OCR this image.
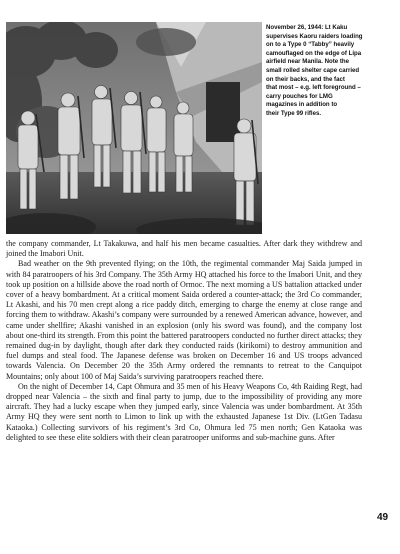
November 26, 1944: Lt Kaku
supervises Kaoru raiders loading
on to a Type 0 “Tabby” heavily
camouflaged on the edge of Lipa
airfield near Manila. Note the
small rolled shelter cape carried
on their backs, and the fact
that most – e.g. left foreground –
carry pouches for LMG
magazines in addition to
their Type 99 rifles.

the company commander, Lt Takakuwa, and half his men became casualties. After dark they withdrew and joined the Imabori Unit.

Bad weather on the 9th prevented flying; on the 10th, the regimental commander Maj Saida jumped in with 84 paratroopers of his 3rd Company. The 35th Army HQ attached his force to the Imabori Unit, and they took up position on a hillside above the road north of Ormoc. The next morning a US battalion attacked under cover of a heavy bombardment. At a critical moment Saida ordered a counter-attack; the 3rd Co commander, Lt Akashi, and his 70 men crept along a rice paddy ditch, emerging to charge the enemy at close range and forcing them to withdraw. Akashi’s company were surrounded by a renewed American advance, however, and came under shellfire; Akashi vanished in an explosion (only his sword was found), and the company lost about one-third its strength. From this point the battered paratroopers conducted no further direct attacks; they remained dug-in by daylight, though after dark they conducted raids (kirikomi) to destroy ammunition and fuel dumps and steal food. The Japanese defense was broken on December 16 and US troops advanced towards Valencia. On December 20 the 35th Army ordered the remnants to retreat to the Canquipot Mountains; only about 100 of Maj Saida’s surviving paratroopers reached there.

On the night of December 14, Capt Ohmura and 35 men of his Heavy Weapons Co, 4th Raiding Regt, had dropped near Valencia – the sixth and final party to jump, due to the impossibility of providing any more aircraft. They had a lucky escape when they jumped early, since Valencia was under bombardment. At 35th Army HQ they were sent north to Limon to link up with the exhausted Japanese 1st Div. (LtGen Tadasu Kataoka.) Collecting survivors of his regiment’s 3rd Co, Ohmura led 75 men north; Gen Kataoka was delighted to see these elite soldiers with their clean paratrooper uniforms and sub-machine guns. After

49
